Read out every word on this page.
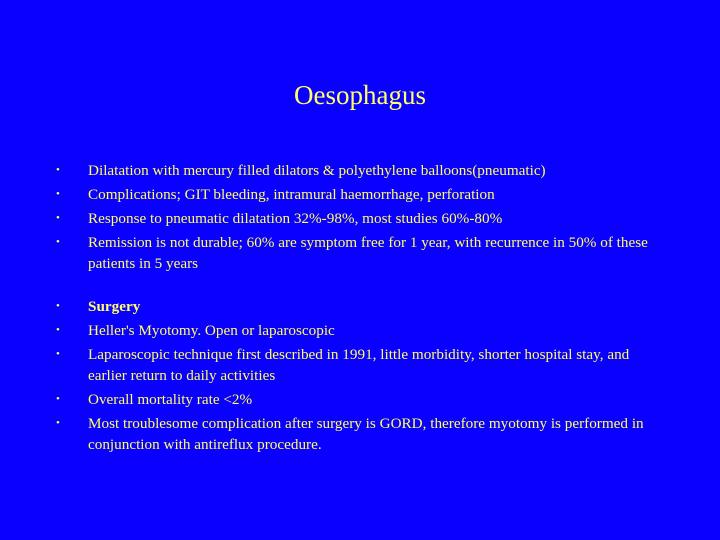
Oesophagus
• Dilatation with mercury filled dilators & polyethylene balloons(pneumatic)
• Complications; GIT bleeding, intramural haemorrhage, perforation
• Response to pneumatic dilatation 32%-98%, most studies 60%-80%
• Remission is not durable; 60% are symptom free for 1 year, with recurrence in 50% of these patients in 5 years
• Surgery
• Heller's Myotomy. Open or laparoscopic
• Laparoscopic technique first described in 1991, little morbidity, shorter hospital stay, and earlier return to daily activities
• Overall mortality rate <2%
• Most troublesome complication after surgery is GORD, therefore myotomy is performed in conjunction with antireflux procedure.
